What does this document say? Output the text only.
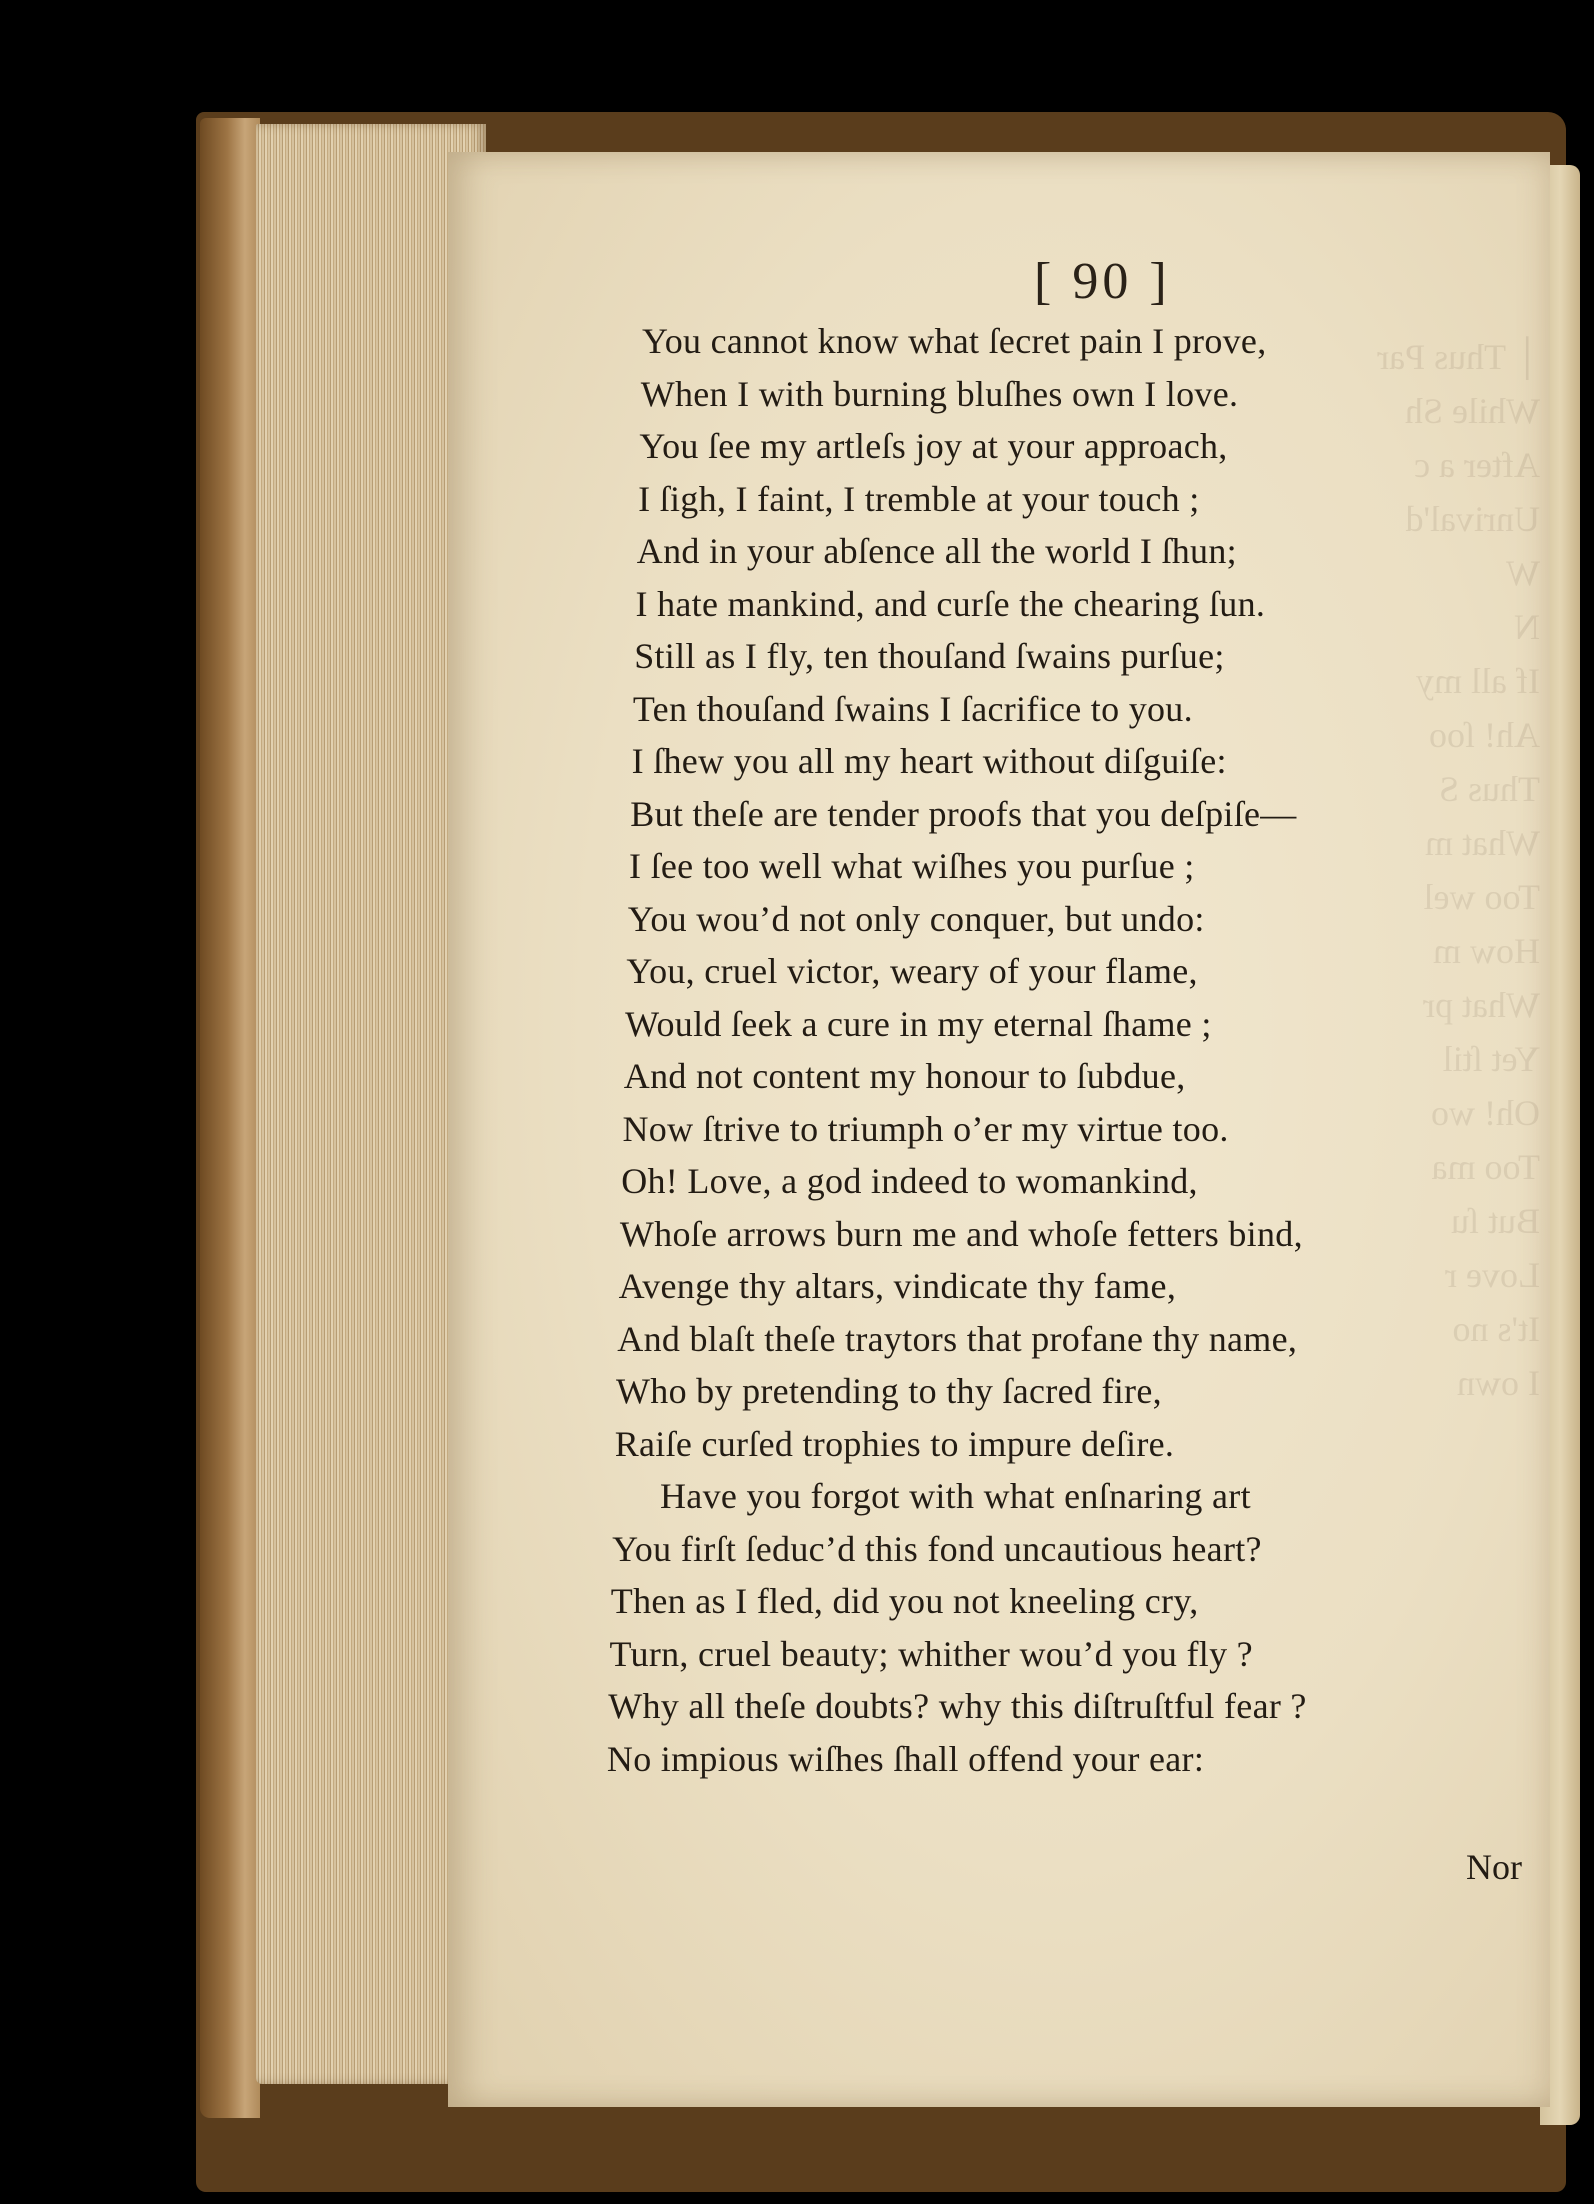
│ Thus Par
While Sh
After a c
Unrival'd
W
N
If all my
Ah! ſoo
Thus S
What m
Too wel
How m
What pr
Yet ſtil
Oh! wo
Too ma
But ſu
Love r
It's no
I own
[ 90 ]
You cannot know what ſecret pain I prove,
When I with burning bluſhes own I love.
You ſee my artleſs joy at your approach,
I ſigh, I faint, I tremble at your touch ;
And in your abſence all the world I ſhun;
I hate mankind, and curſe the chearing ſun.
Still as I fly, ten thouſand ſwains purſue;
Ten thouſand ſwains I ſacrifice to you.
I ſhew you all my heart without diſguiſe:
But theſe are tender proofs that you deſpiſe—
I ſee too well what wiſhes you purſue ;
You wou’d not only conquer, but undo:
You, cruel victor, weary of your flame,
Would ſeek a cure in my eternal ſhame ;
And not content my honour to ſubdue,
Now ſtrive to triumph o’er my virtue too.
Oh! Love, a god indeed to womankind,
Whoſe arrows burn me and whoſe fetters bind,
Avenge thy altars, vindicate thy fame,
And blaſt theſe traytors that profane thy name,
Who by pretending to thy ſacred fire,
Raiſe curſed trophies to impure deſire.
Have you forgot with what enſnaring art
You firſt ſeduc’d this fond uncautious heart?
Then as I fled, did you not kneeling cry,
Turn, cruel beauty; whither wou’d you fly ?
Why all theſe doubts? why this diſtruſtful fear ?
No impious wiſhes ſhall offend your ear:
Nor
